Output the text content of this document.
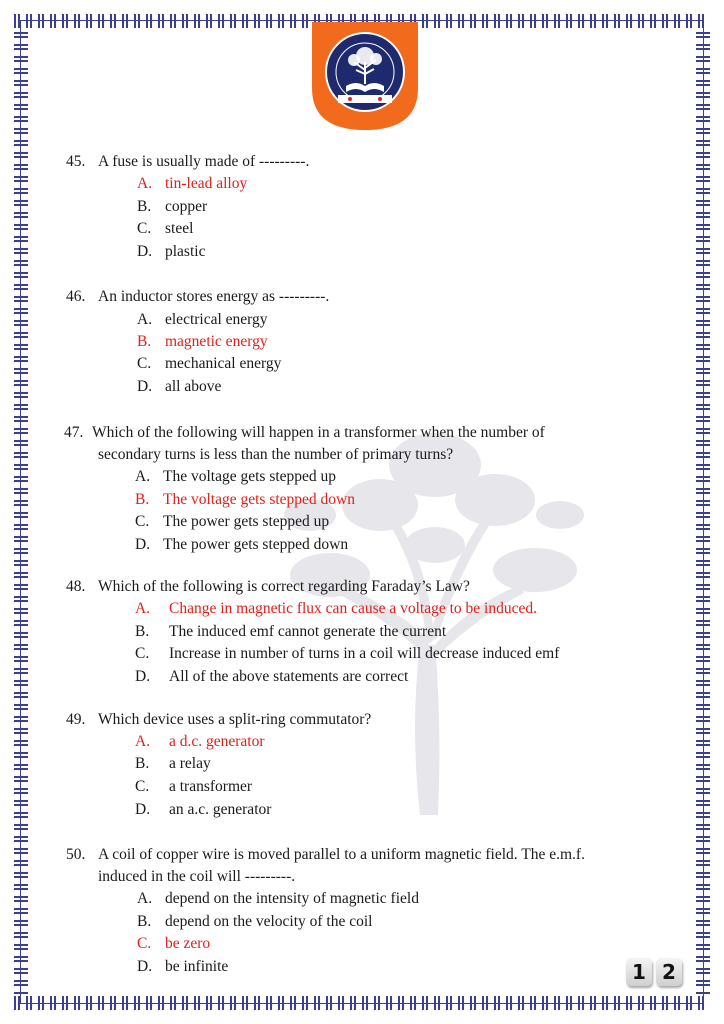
45. A fuse is usually made of ---------.
A. tin-lead alloy
B. copper
C. steel
D. plastic
46. An inductor stores energy as ---------.
A. electrical energy
B. magnetic energy
C. mechanical energy
D. all above
47. Which of the following will happen in a transformer when the number of
secondary turns is less than the number of primary turns?
A. The voltage gets stepped up
B. The voltage gets stepped down
C. The power gets stepped up
D. The power gets stepped down
48. Which of the following is correct regarding Faraday’s Law?
A. Change in magnetic flux can cause a voltage to be induced.
B. The induced emf cannot generate the current
C. Increase in number of turns in a coil will decrease induced emf
D. All of the above statements are correct
49. Which device uses a split-ring commutator?
A. a d.c. generator
B. a relay
C. a transformer
D. an a.c. generator
50. A coil of copper wire is moved parallel to a uniform magnetic field. The e.m.f.
induced in the coil will ---------.
A. depend on the intensity of magnetic field
B. depend on the velocity of the coil
C. be zero
D. be infinite	1 2
